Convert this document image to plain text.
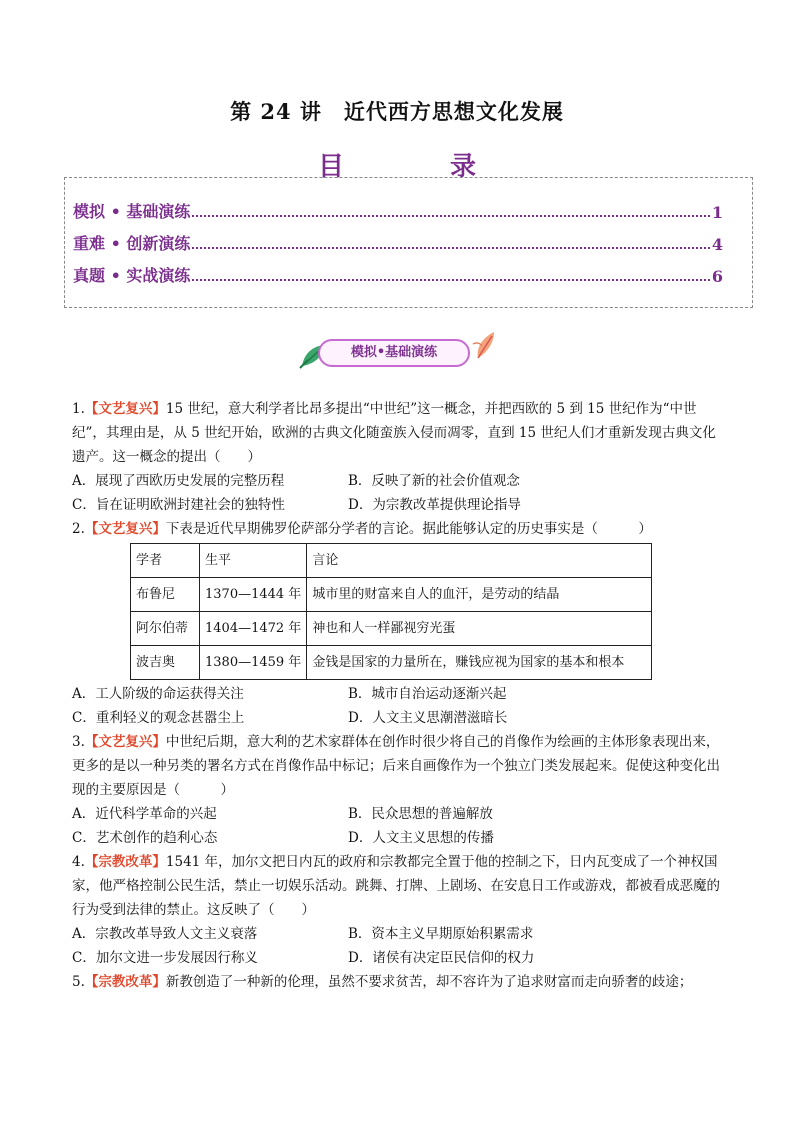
第 24 讲　近代西方思想文化发展
目　录
模拟 • 基础演练	1
重难 • 创新演练	4
真题 • 实战演练	6
模拟•基础演练

1.【文艺复兴】15 世纪，意大利学者比昂多提出“中世纪”这一概念，并把西欧的 5 到 15 世纪作为“中世纪”，其理由是，从 5 世纪开始，欧洲的古典文化随蛮族入侵而凋零，直到 15 世纪人们才重新发现古典文化遗产。这一概念的提出（　　）

A．展现了西欧历史发展的完整历程	B．反映了新的社会价值观念
C．旨在证明欧洲封建社会的独特性	D．为宗教改革提供理论指导

2.【文艺复兴】下表是近代早期佛罗伦萨部分学者的言论。据此能够认定的历史事实是（　　　）

学者	生平	言论
布鲁尼	1370—1444 年	城市里的财富来自人的血汗，是劳动的结晶
阿尔伯蒂	1404—1472 年	神也和人一样鄙视穷光蛋
波吉奥	1380—1459 年	金钱是国家的力量所在，赚钱应视为国家的基本和根本
A．工人阶级的命运获得关注	B．城市自治运动逐渐兴起
C．重利轻义的观念甚嚣尘上	D．人文主义思潮潜滋暗长

3.【文艺复兴】中世纪后期，意大利的艺术家群体在创作时很少将自己的肖像作为绘画的主体形象表现出来，更多的是以一种另类的署名方式在肖像作品中标记；后来自画像作为一个独立门类发展起来。促使这种变化出现的主要原因是（　　　）

A．近代科学革命的兴起	B．民众思想的普遍解放
C．艺术创作的趋利心态	D．人文主义思想的传播

4.【宗教改革】1541 年，加尔文把日内瓦的政府和宗教都完全置于他的控制之下，日内瓦变成了一个神权国家，他严格控制公民生活，禁止一切娱乐活动。跳舞、打牌、上剧场、在安息日工作或游戏，都被看成恶魔的行为受到法律的禁止。这反映了（　　）

A．宗教改革导致人文主义衰落	B．资本主义早期原始积累需求
C．加尔文进一步发展因行称义	D．诸侯有决定臣民信仰的权力

5.【宗教改革】新教创造了一种新的伦理，虽然不要求贫苦，却不容许为了追求财富而走向骄奢的歧途；
